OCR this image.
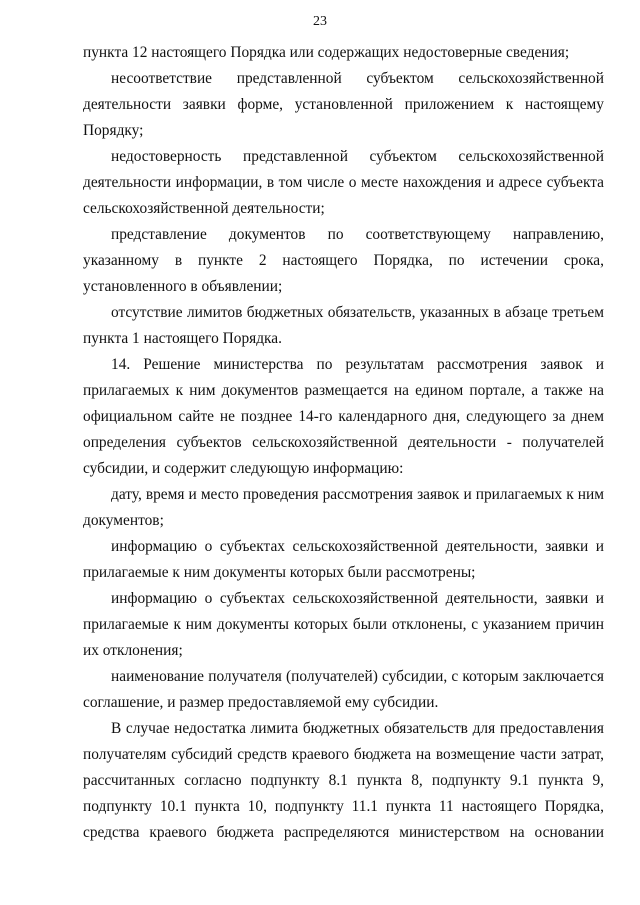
23

пункта 12 настоящего Порядка или содержащих недостоверные сведения;

несоответствие представленной субъектом сельскохозяйственной деятельности заявки форме, установленной приложением к настоящему Порядку;

недостоверность представленной субъектом сельскохозяйственной деятельности информации, в том числе о месте нахождения и адресе субъекта сельскохозяйственной деятельности;

представление документов по соответствующему направлению, указанному в пункте 2 настоящего Порядка, по истечении срока, установленного в объявлении;

отсутствие лимитов бюджетных обязательств, указанных в абзаце третьем пункта 1 настоящего Порядка.

14. Решение министерства по результатам рассмотрения заявок и прилагаемых к ним документов размещается на едином портале, а также на официальном сайте не позднее 14-го календарного дня, следующего за днем определения субъектов сельскохозяйственной деятельности - получателей субсидии, и содержит следующую информацию:

дату, время и место проведения рассмотрения заявок и прилагаемых к ним документов;

информацию о субъектах сельскохозяйственной деятельности, заявки и прилагаемые к ним документы которых были рассмотрены;

информацию о субъектах сельскохозяйственной деятельности, заявки и прилагаемые к ним документы которых были отклонены, с указанием причин их отклонения;

наименование получателя (получателей) субсидии, с которым заключается соглашение, и размер предоставляемой ему субсидии.

В случае недостатка лимита бюджетных обязательств для предоставления получателям субсидий средств краевого бюджета на возмещение части затрат, рассчитанных согласно подпункту 8.1 пункта 8, подпункту 9.1 пункта 9, подпункту 10.1 пункта 10, подпункту 11.1 пункта 11 настоящего Порядка, средства краевого бюджета распределяются министерством на основании
